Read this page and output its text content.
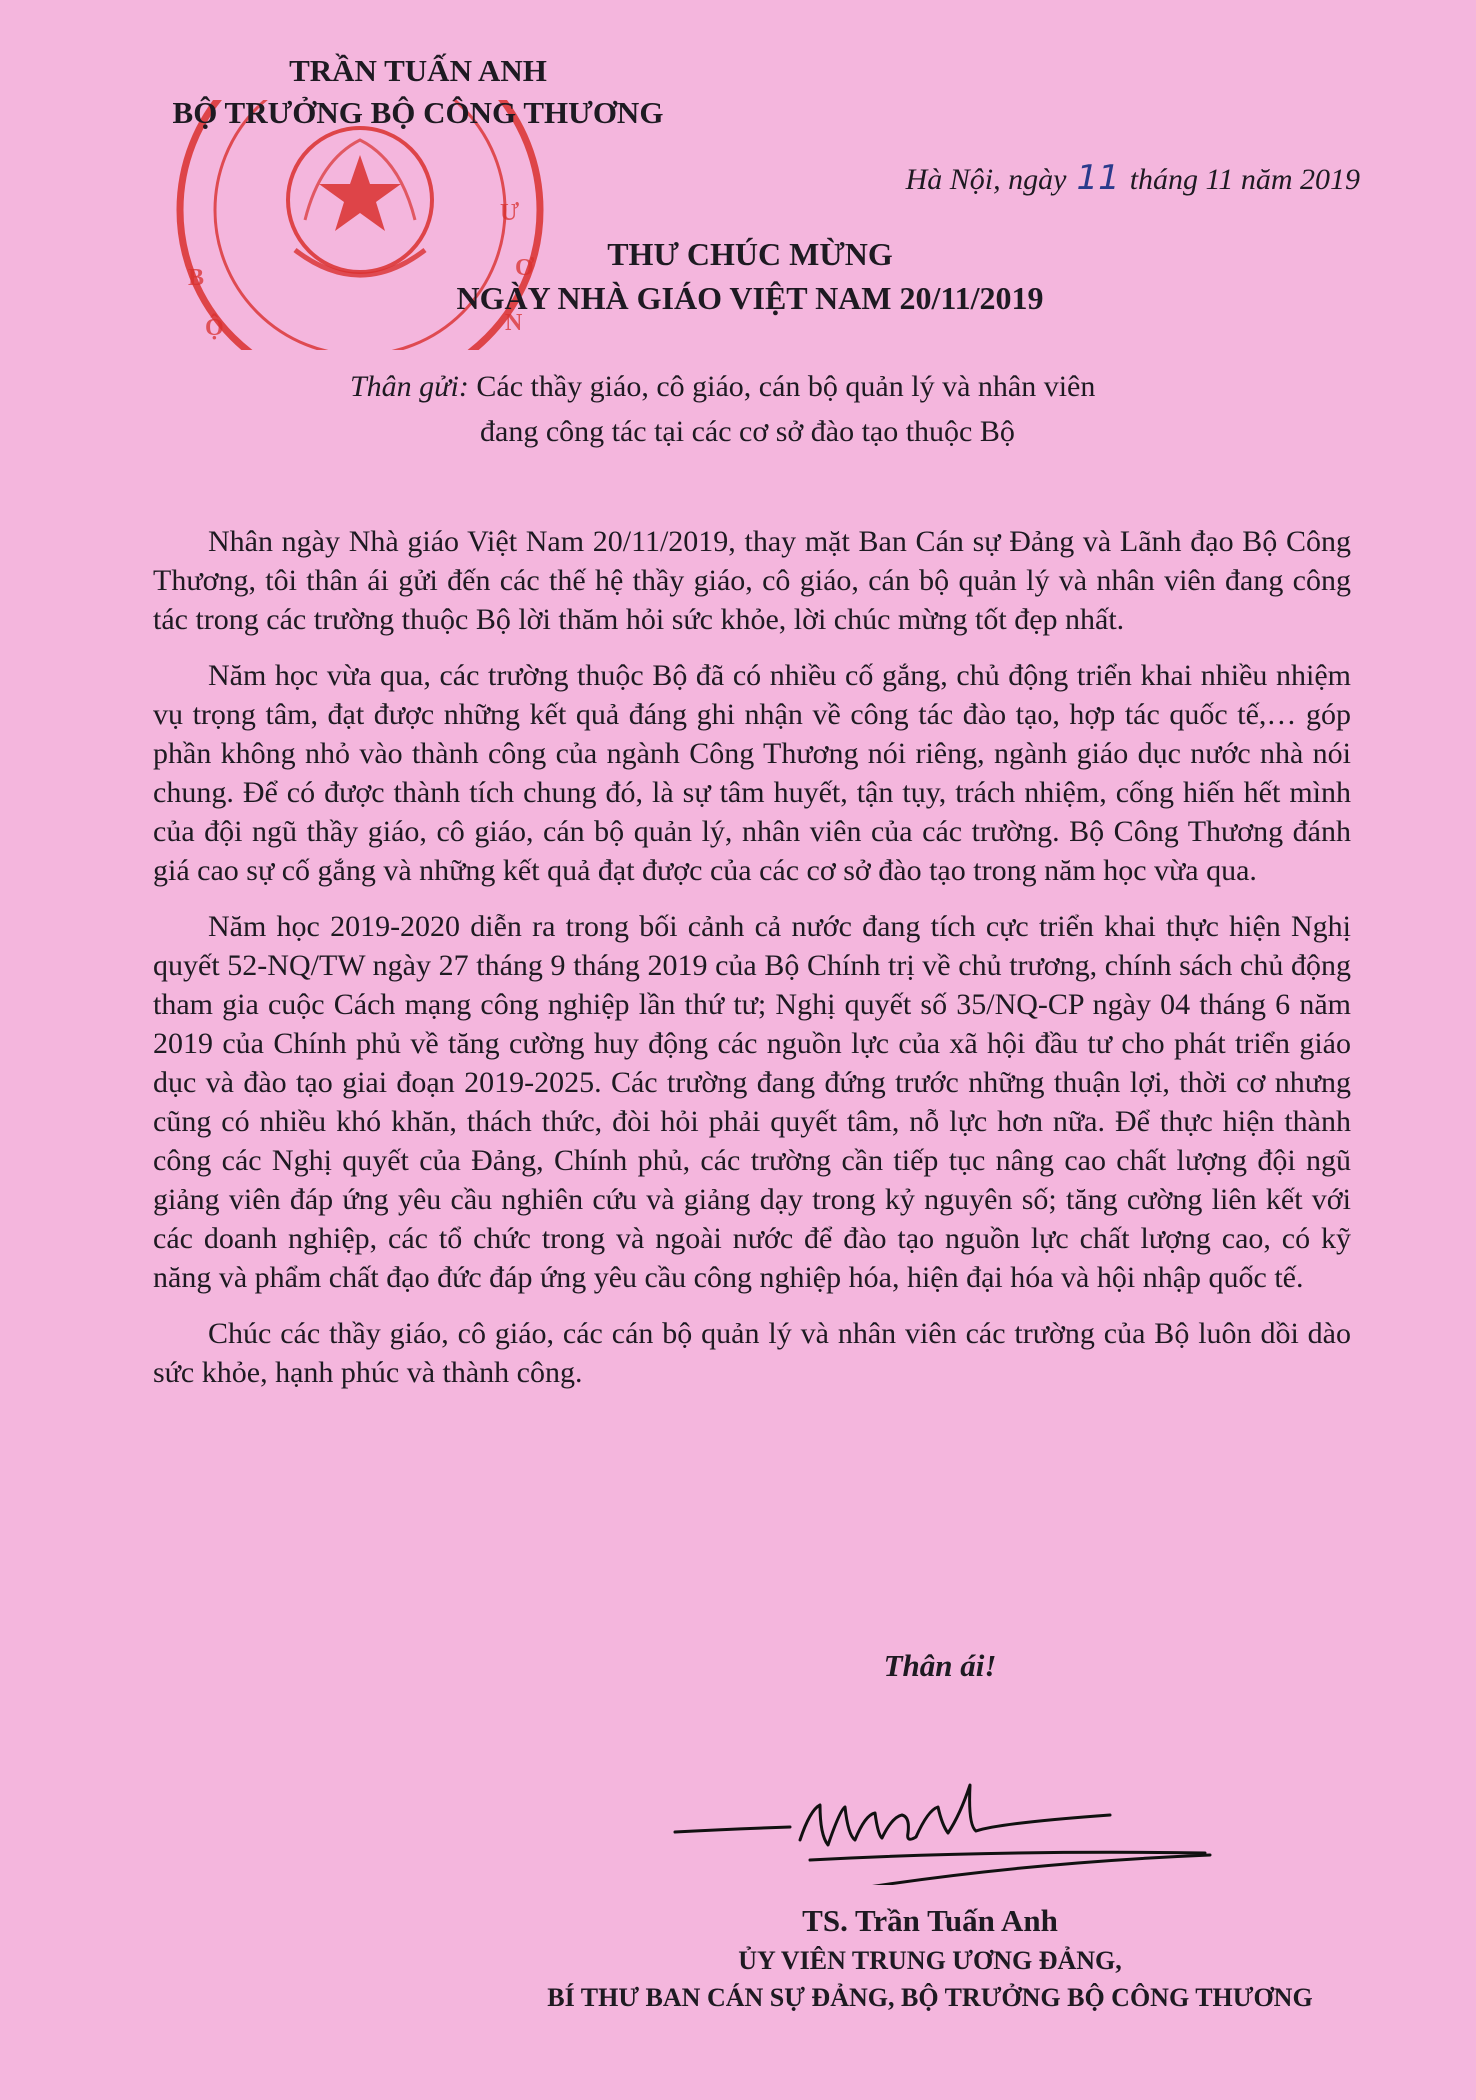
B
Ộ
Ư
Ơ
N
TRẦN TUẤN ANH
BỘ TRƯỞNG BỘ CÔNG THƯƠNG
Hà Nội, ngày 11 tháng 11 năm 2019
THƯ CHÚC MỪNG
NGÀY NHÀ GIÁO VIỆT NAM 20/11/2019
Thân gửi: Các thầy giáo, cô giáo, cán bộ quản lý và nhân viên
đang công tác tại các cơ sở đào tạo thuộc Bộ

Nhân ngày Nhà giáo Việt Nam 20/11/2019, thay mặt Ban Cán sự Đảng và Lãnh đạo Bộ Công Thương, tôi thân ái gửi đến các thế hệ thầy giáo, cô giáo, cán bộ quản lý và nhân viên đang công tác trong các trường thuộc Bộ lời thăm hỏi sức khỏe, lời chúc mừng tốt đẹp nhất.

Năm học vừa qua, các trường thuộc Bộ đã có nhiều cố gắng, chủ động triển khai nhiều nhiệm vụ trọng tâm, đạt được những kết quả đáng ghi nhận về công tác đào tạo, hợp tác quốc tế,… góp phần không nhỏ vào thành công của ngành Công Thương nói riêng, ngành giáo dục nước nhà nói chung. Để có được thành tích chung đó, là sự tâm huyết, tận tụy, trách nhiệm, cống hiến hết mình của đội ngũ thầy giáo, cô giáo, cán bộ quản lý, nhân viên của các trường. Bộ Công Thương đánh giá cao sự cố gắng và những kết quả đạt được của các cơ sở đào tạo trong năm học vừa qua.

Năm học 2019-2020 diễn ra trong bối cảnh cả nước đang tích cực triển khai thực hiện Nghị quyết 52-NQ/TW ngày 27 tháng 9 tháng 2019 của Bộ Chính trị về chủ trương, chính sách chủ động tham gia cuộc Cách mạng công nghiệp lần thứ tư; Nghị quyết số 35/NQ-CP ngày 04 tháng 6 năm 2019 của Chính phủ về tăng cường huy động các nguồn lực của xã hội đầu tư cho phát triển giáo dục và đào tạo giai đoạn 2019-2025. Các trường đang đứng trước những thuận lợi, thời cơ nhưng cũng có nhiều khó khăn, thách thức, đòi hỏi phải quyết tâm, nỗ lực hơn nữa. Để thực hiện thành công các Nghị quyết của Đảng, Chính phủ, các trường cần tiếp tục nâng cao chất lượng đội ngũ giảng viên đáp ứng yêu cầu nghiên cứu và giảng dạy trong kỷ nguyên số; tăng cường liên kết với các doanh nghiệp, các tổ chức trong và ngoài nước để đào tạo nguồn lực chất lượng cao, có kỹ năng và phẩm chất đạo đức đáp ứng yêu cầu công nghiệp hóa, hiện đại hóa và hội nhập quốc tế.

Chúc các thầy giáo, cô giáo, các cán bộ quản lý và nhân viên các trường của Bộ luôn dồi dào sức khỏe, hạnh phúc và thành công.

Thân ái!
TS. Trần Tuấn Anh
ỦY VIÊN TRUNG ƯƠNG ĐẢNG,
BÍ THƯ BAN CÁN SỰ ĐẢNG, BỘ TRƯỞNG BỘ CÔNG THƯƠNG
